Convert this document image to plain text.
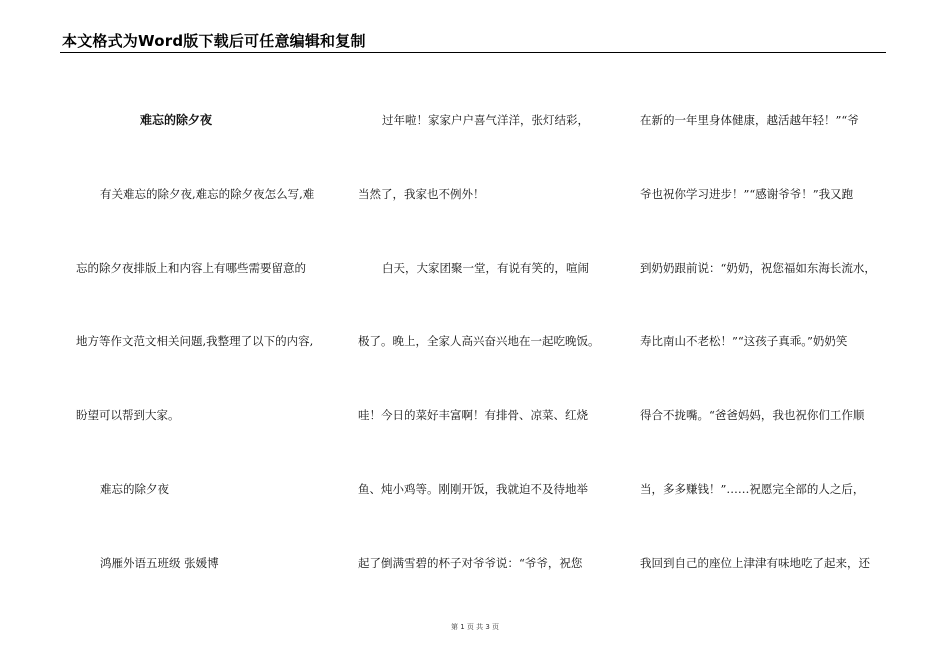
本文格式为Word版下载后可任意编辑和复制

难忘的除夕夜

有关难忘的除夕夜,难忘的除夕夜怎么写,难

忘的除夕夜排版上和内容上有哪些需要留意的

地方等作文范文相关问题,我整理了以下的内容,

盼望可以帮到大家。

难忘的除夕夜

鸿雁外语五班级 张媛博

过年啦！家家户户喜气洋洋，张灯结彩，

当然了，我家也不例外！

白天，大家团聚一堂，有说有笑的，喧闹

极了。晚上，全家人高兴奋兴地在一起吃晚饭。

哇！今日的菜好丰富啊！有排骨、凉菜、红烧

鱼、炖小鸡等。刚刚开饭，我就迫不及待地举

起了倒满雪碧的杯子对爷爷说：“爷爷，祝您

在新的一年里身体健康，越活越年轻！”“爷

爷也祝你学习进步！”“感谢爷爷！”我又跑

到奶奶跟前说：“奶奶，祝您福如东海长流水，

寿比南山不老松！”“这孩子真乖。”奶奶笑

得合不拢嘴。“爸爸妈妈，我也祝你们工作顺

当，多多赚钱！”……祝愿完全部的人之后，

我回到自己的座位上津津有味地吃了起来，还

第 1 页 共 3 页
